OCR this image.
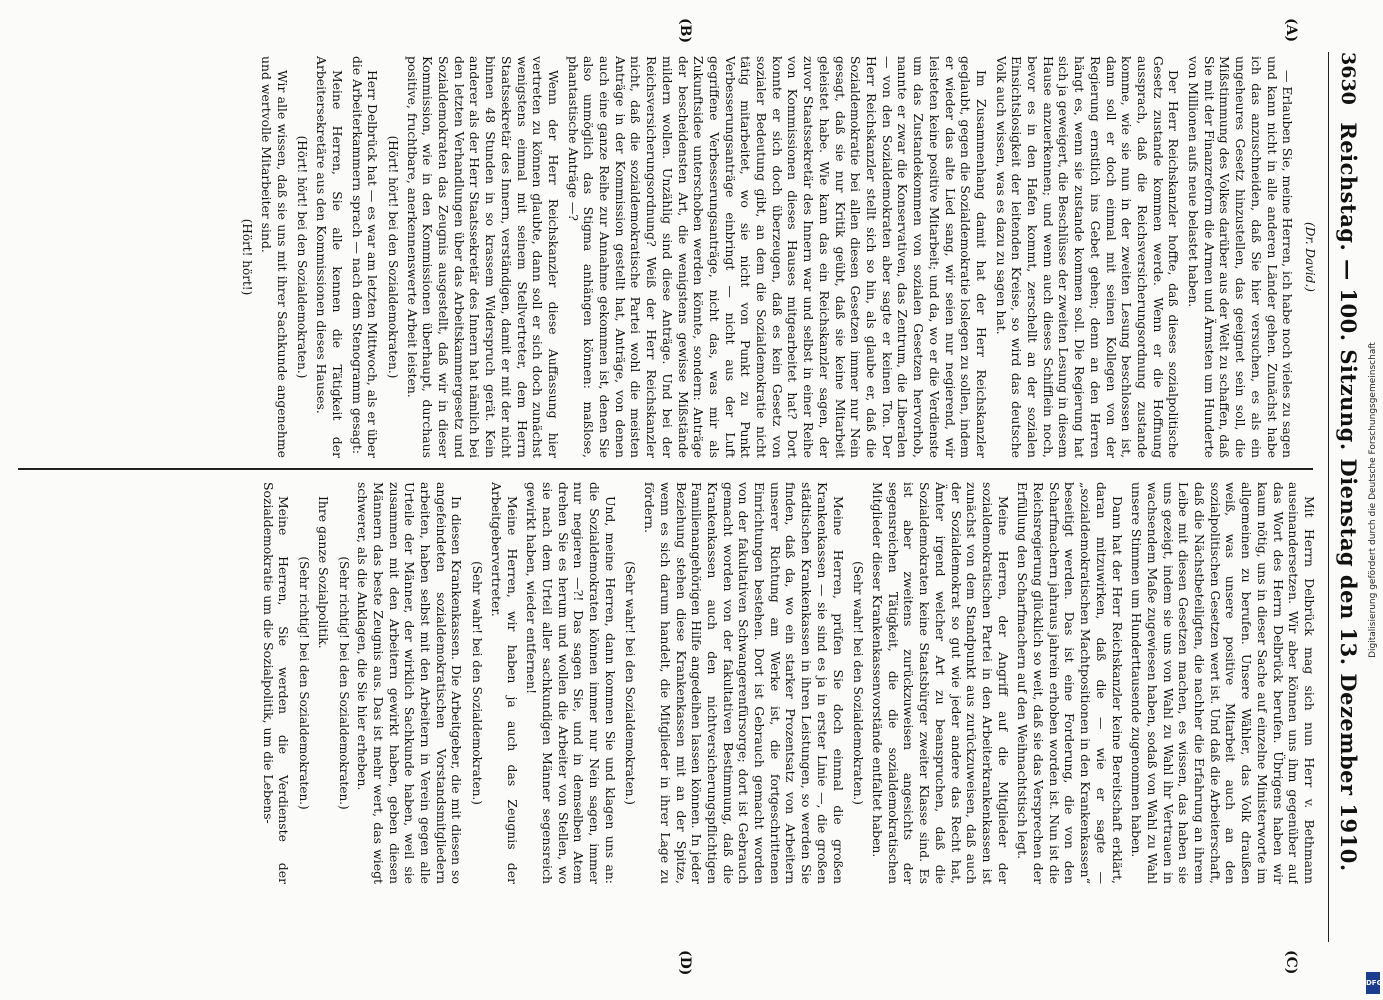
3630
Reichstag. — 100. Sitzung. Dienstag den 13. Dezember 1910.
(A)
(B)
(C)
(D)

(Dr. David.)

— Erlauben Sie, meine Herren, ich habe noch vieles zu sagen und kann nicht in alle anderen Länder gehen. Zunächst habe ich das anzuschneiden, daß Sie hier versuchen, es als ein ungeheures Gesetz hinzustellen, das geeignet sein soll, die Mißstimmung des Volkes darüber aus der Welt zu schaffen, daß Sie mit der Finanzreform die Armen und Ärmsten um Hunderte von Millionen aufs neue belastet haben.

Der Herr Reichskanzler hoffte, daß dieses sozialpolitische Gesetz zustande kommen werde. Wenn er die Hoffnung aussprach, daß die Reichsversicherungsordnung zustande komme, wie sie nun in der zweiten Lesung beschlossen ist, dann soll er doch einmal mit seinen Kollegen von der Regierung ernstlich ins Gebet gehen; denn an den Herren hängt es, wenn sie zustande kommen soll. Die Regierung hat sich ja geweigert, die Beschlüsse der zweiten Lesung in diesem Hause anzuerkennen; und wenn auch dieses Schifflein noch, bevor es in den Hafen kommt, zerschellt an der sozialen Einsichtslosigkeit der leitenden Kreise, so wird das deutsche Volk auch wissen, was es dazu zu sagen hat.

Im Zusammenhang damit hat der Herr Reichskanzler geglaubt, gegen die Sozialdemokratie loslegen zu sollen, indem er wieder das alte Lied sang, wir seien nur negierend, wir leisteten keine positive Mitarbeit; und da, wo er die Verdienste um das Zustandekommen von sozialen Gesetzen hervorhob, nannte er zwar die Konservativen, das Zentrum, die Liberalen — von den Sozialdemokraten aber sagte er keinen Ton. Der Herr Reichskanzler stellt sich so hin, als glaube er, daß die Sozialdemokratie bei allen diesen Gesetzen immer nur Nein gesagt, daß sie nur Kritik geübt, daß sie keine Mitarbeit geleistet habe. Wie kann das ein Reichskanzler sagen, der zuvor Staatssekretär des Innern war und selbst in einer Reihe von Kommissionen dieses Hauses mitgearbeitet hat? Dort konnte er sich doch überzeugen, daß es kein Gesetz von sozialer Bedeutung gibt, an dem die Sozialdemokratie nicht tätig mitarbeitet, wo sie nicht von Punkt zu Punkt Verbesserungsanträge einbringt — nicht aus der Luft gegriffene Verbesserungsanträge, nicht das, was mir als Zukunftsidee unterschoben werden könnte, sondern: Anträge der bescheidensten Art, die wenigstens gewisse Mißstände mildern wollen. Unzählig sind diese Anträge. Und bei der Reichsversicherungsordnung? Weiß der Herr Reichskanzler nicht, daß die sozialdemokratische Partei wohl die meisten Anträge in der Kommission gestellt hat, Anträge, von denen auch eine ganze Reihe zur Annahme gekommen ist, denen Sie also unmöglich das Stigma anhängen können: maßlose, phantastische Anträge —?

Wenn der Herr Reichskanzler diese Auffassung hier vertreten zu können glaubte, dann soll er sich doch zunächst wenigstens einmal mit seinem Stellvertreter, dem Herrn Staatssekretär des Innern, verständigen, damit er mit der nicht binnen 48 Stunden in so krassem Widerspruch gerät. Kein anderer als der Herr Staatssekretär des Innern hat nämlich bei den letzten Verhandlungen über das Arbeitskammergesetz und Sozialdemokraten das Zeugnis ausgestellt, daß wir in dieser Kommission, wie in den Kommissionen überhaupt, durchaus positive, fruchtbare, anerkennenswerte Arbeit leisten.

(Hört! hört! bei den Sozialdemokraten.)

Herr Delbrück hat — es war am letzten Mittwoch, als er über die Arbeiterkammern sprach — nach dem Stenogramm gesagt:

Meine Herren, Sie alle kennen die Tätigkeit der Arbeitersekretäre aus den Kommissionen dieses Hauses.

(Hört! hört! bei den Sozialdemokraten.)

Wir alle wissen, daß sie uns mit ihrer Sachkunde angenehme und wertvolle Mitarbeiter sind.

(Hört! hört!)

Mit Herrn Delbrück mag sich nun Herr v. Bethmann auseinandersetzen. Wir aber können uns ihm gegenüber auf das Wort des Herrn Delbrück berufen. Übrigens haben wir kaum nötig, uns in dieser Sache auf einzelne Ministerworte im allgemeinen zu berufen. Unsere Wähler, das Volk draußen weiß, was unsere positive Mitarbeit auch an den sozialpolitischen Gesetzen wert ist. Und daß die Arbeiterschaft, daß die Nächstbeteiligten, die nachher die Erfahrung an ihrem Leibe mit diesen Gesetzen machen, es wissen, das haben sie uns gezeigt, indem sie uns von Wahl zu Wahl ihr Vertrauen in wachsendem Maße zugewiesen haben, sodaß von Wahl zu Wahl unsere Stimmen um Hunderttausende zugenommen haben.

Dann hat der Herr Reichskanzler keine Bereitschaft erklärt, daran mitzuwirken, daß die — wie er sagte — „sozialdemokratischen Machtpositionen in den Krankenkassen“ beseitigt werden. Das ist eine Forderung, die von den Scharfmachern jahraus jahrein erhoben worden ist. Nun ist die Reichsregierung glücklich so weit, daß sie das Versprechen der Erfüllung den Scharfmachern auf den Weihnachtstisch legt.

Meine Herren, der Angriff auf die Mitglieder der sozialdemokratischen Partei in den Arbeiterkrankenkassen ist zunächst von dem Standpunkt aus zurückzuweisen, daß auch der Sozialdemokrat so gut wie jeder andere das Recht hat, Ämter irgend welcher Art zu beanspruchen, daß die Sozialdemokraten keine Staatsbürger zweiter Klasse sind. Es ist aber zweitens zurückzuweisen angesichts der segensreichen Tätigkeit, die die sozialdemokratischen Mitglieder dieser Krankenkassenvorstände entfaltet haben.

(Sehr wahr! bei den Sozialdemokraten.)

Meine Herren, prüfen Sie doch einmal die großen Krankenkassen — sie sind es ja in erster Linie —, die großen städtischen Krankenkassen in ihren Leistungen, so werden Sie finden, daß da, wo ein starker Prozentsatz von Arbeitern unserer Richtung am Werke ist, die fortgeschrittenen Einrichtungen bestehen. Dort ist Gebrauch gemacht worden von der fakultativen Schwangerenfürsorge; dort ist Gebrauch gemacht worden von der fakultativen Bestimmung, daß die Krankenkassen auch den nichtversicherungspflichtigen Familienangehörigen Hilfe angedeihen lassen können. In jeder Beziehung stehen diese Krankenkassen mit an der Spitze, wenn es sich darum handelt, die Mitglieder in ihrer Lage zu fördern.

(Sehr wahr! bei den Sozialdemokraten.)

Und, meine Herren, dann kommen Sie und klagen uns an: die Sozialdemokraten können immer nur Nein sagen, immer nur negieren —?! Das sagen Sie, und in demselben Atem drehen Sie es herum und wollen die Arbeiter von Stellen, wo sie nach dem Urteil aller sachkundigen Männer segensreich gewirkt haben, wieder entfernen!

Meine Herren, wir haben ja auch das Zeugnis der Arbeitgebervertreter.

(Sehr wahr! bei den Sozialdemokraten.)

In diesen Krankenkassen. Die Arbeitgeber, die mit diesen so angefeindeten sozialdemokratischen Vorstandsmitgliedern arbeiten, haben selbst mit den Arbeitern in Verein gegen alle Urteile der Männer, der wirklich Sachkunde haben, weil sie zusammen mit den Arbeitern gewirkt haben, geben diesen Männern das beste Zeugnis aus. Das ist mehr wert, das wiegt schwerer, als die Anklagen, die Sie hier erheben.

(Sehr richtig! bei den Sozialdemokraten.)

Ihre ganze Sozialpolitik.

(Sehr richtig! bei den Sozialdemokraten.)

Meine Herren, Sie werden die Verdienste der Sozialdemokratie um die Sozialpolitik, um die Lebens-	Digitalisierung gefördert durch die Deutsche Forschungsgemeinschaft
DFG
